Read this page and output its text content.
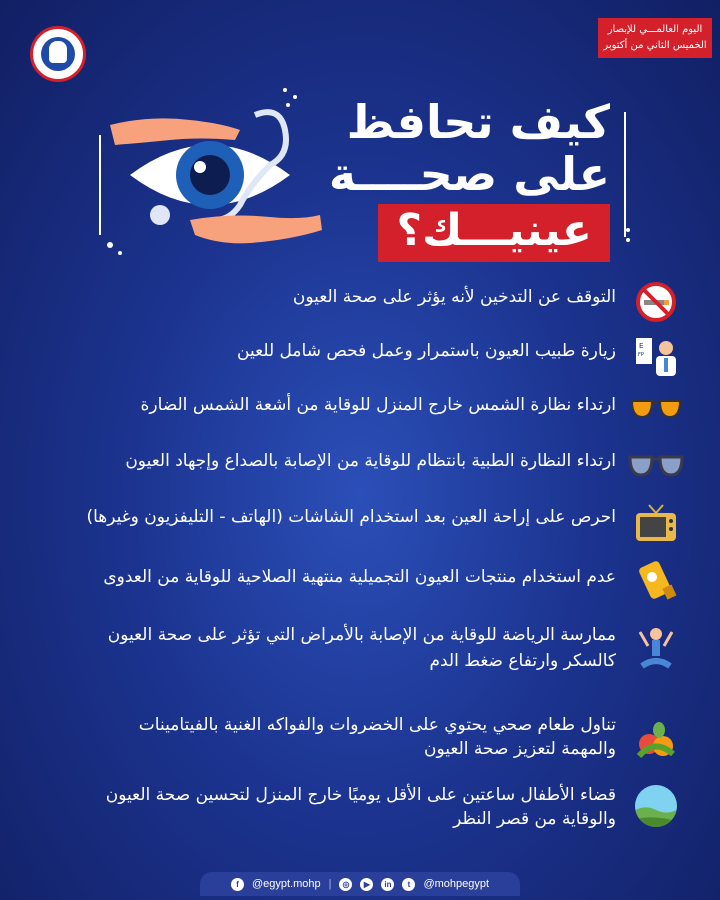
اليوم العالمـــي للإبصار
الخميس الثاني من أكتوبر
كيف تحافظ
على صحــــة
عينيـــك؟
التوقف عن التدخين لأنه يؤثر على صحة العيون
E
FP
زيارة طبيب العيون باستمرار وعمل فحص شامل للعين
ارتداء نظارة الشمس خارج المنزل للوقاية من أشعة الشمس الضارة
ارتداء النظارة الطبية بانتظام للوقاية من الإصابة بالصداع وإجهاد العيون
احرص على إراحة العين بعد استخدام الشاشات (الهاتف - التليفزيون وغيرها)
عدم استخدام منتجات العيون التجميلية منتهية الصلاحية للوقاية من العدوى
ممارسة الرياضة للوقاية من الإصابة بالأمراض التي تؤثر على صحة العيون
كالسكر وارتفاع ضغط الدم
تناول طعام صحي يحتوي على الخضروات والفواكه الغنية بالفيتامينات
والمهمة لتعزيز صحة العيون
قضاء الأطفال ساعتين على الأقل يوميًا خارج المنزل لتحسين صحة العيون
والوقاية من قصر النظر
f	@egypt.mohp |	◎	▶	in	t	@mohpegypt
